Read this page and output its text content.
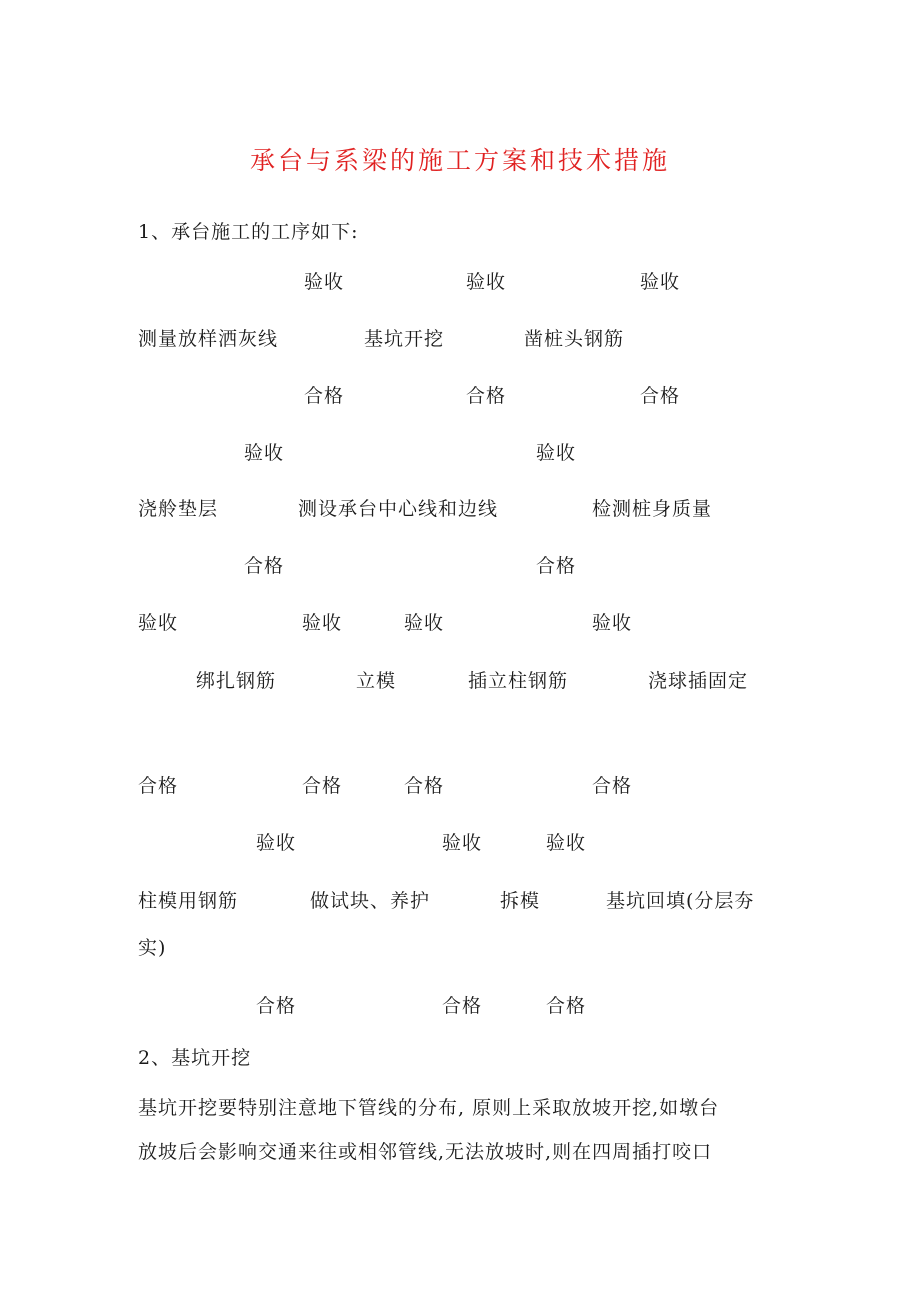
承台与系梁的施工方案和技术措施
1、承台施工的工序如下:
验收	验收	验收
测量放样洒灰线	基坑开挖	凿桩头钢筋
合格	合格	合格
验收	验收
浇舲垫层	测设承台中心线和边线	检测桩身质量
合格	合格
验收	验收	验收	验收
绑扎钢筋	立模	插立柱钢筋	浇球插固定
合格	合格	合格	合格
验收	验收	验收
柱模用钢筋	做试块、养护	拆模	基坑回填(分层夯
实)
合格	合格	合格
2、基坑开挖
基坑开挖要特别注意地下管线的分布, 原则上采取放坡开挖,如墩台
放坡后会影响交通来往或相邻管线,无法放坡时,则在四周插打咬口
